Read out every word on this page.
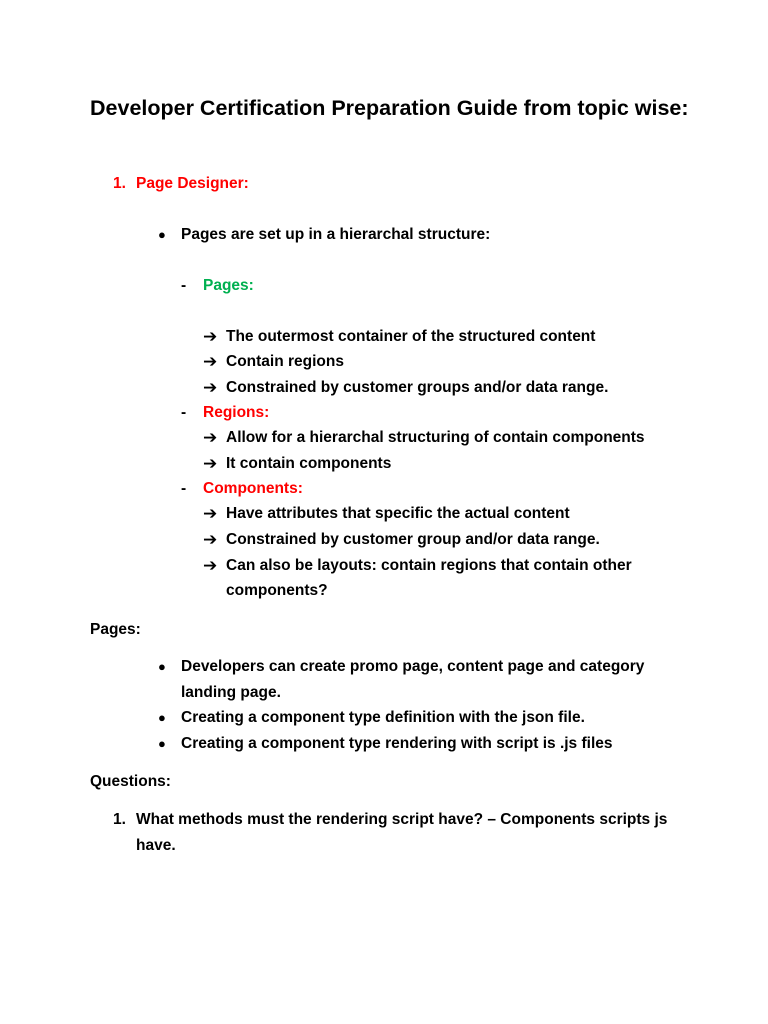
Developer Certification Preparation Guide from topic wise:
1. Page Designer:
● Pages are set up in a hierarchal structure:
- Pages:
➔ The outermost container of the structured content
➔ Contain regions
➔ Constrained by customer groups and/or data range.
- Regions:
➔ Allow for a hierarchal structuring of contain components
➔ It contain components
- Components:
➔ Have attributes that specific the actual content
➔ Constrained by customer group and/or data range.
➔ Can also be layouts: contain regions that contain other
components?
Pages:
● Developers can create promo page, content page and category
landing page.
● Creating a component type definition with the json file.
● Creating a component type rendering with script is .js files
Questions:
1. What methods must the rendering script have? – Components scripts js
have.
